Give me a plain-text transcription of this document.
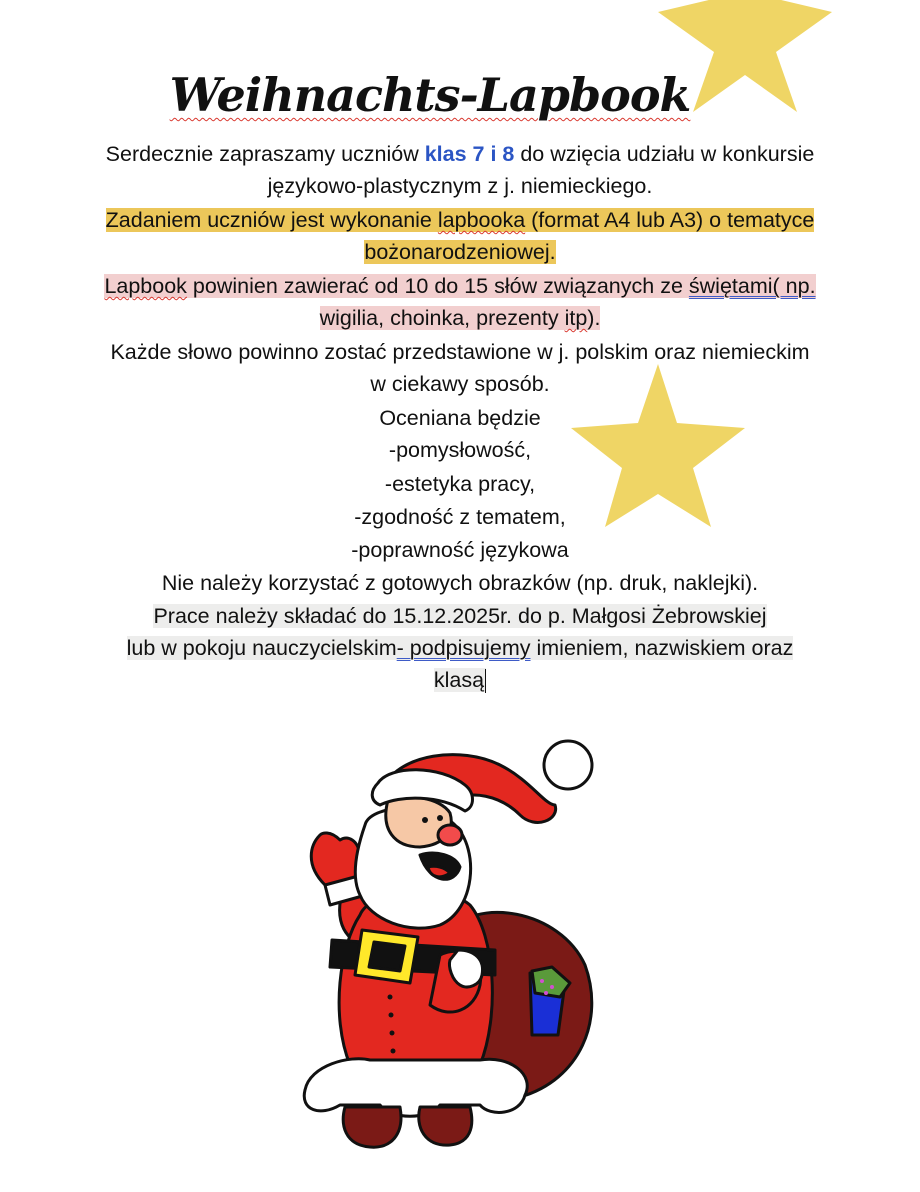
Weihnachts-Lapbook
Serdecznie zapraszamy uczniów klas 7 i 8 do wzięcia udziału w konkursie
językowo-plastycznym z j. niemieckiego.
Zadaniem uczniów jest wykonanie lapbooka (format A4 lub A3) o tematyce
bożonarodzeniowej.
Lapbook powinien zawierać od 10 do 15 słów związanych ze świętami( np.
wigilia, choinka, prezenty itp).
Każde słowo powinno zostać przedstawione w j. polskim oraz niemieckim
w ciekawy sposób.
Oceniana będzie
-pomysłowość,
-estetyka pracy,
-zgodność z tematem,
-poprawność językowa
Nie należy korzystać z gotowych obrazków (np. druk, naklejki).
Prace należy składać do 15.12.2025r. do p. Małgosi Żebrowskiej
lub w pokoju nauczycielskim- podpisujemy imieniem, nazwiskiem oraz
klasą
